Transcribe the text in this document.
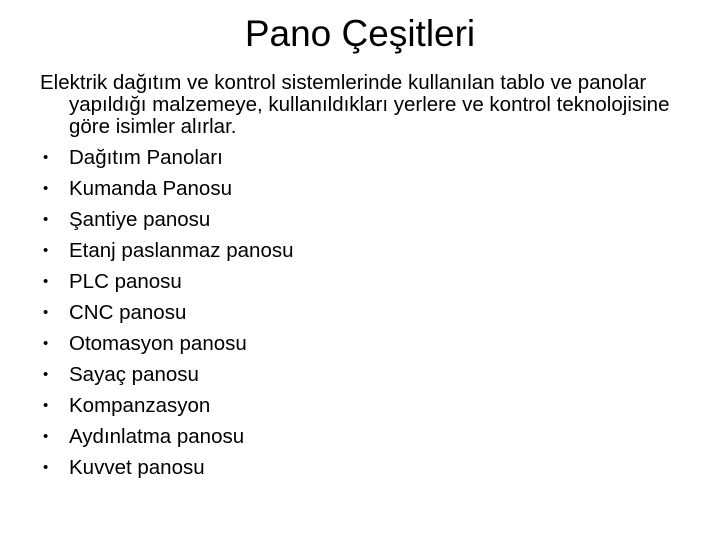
Pano Çeşitleri

Elektrik dağıtım ve kontrol sistemlerinde kullanılan tablo ve panolar yapıldığı malzemeye, kullanıldıkları yerlere ve kontrol teknolojisine göre isimler alırlar.

• Dağıtım Panoları
• Kumanda Panosu
• Şantiye panosu
• Etanj paslanmaz panosu
• PLC panosu
• CNC panosu
• Otomasyon panosu
• Sayaç panosu
• Kompanzasyon
• Aydınlatma panosu
• Kuvvet panosu
